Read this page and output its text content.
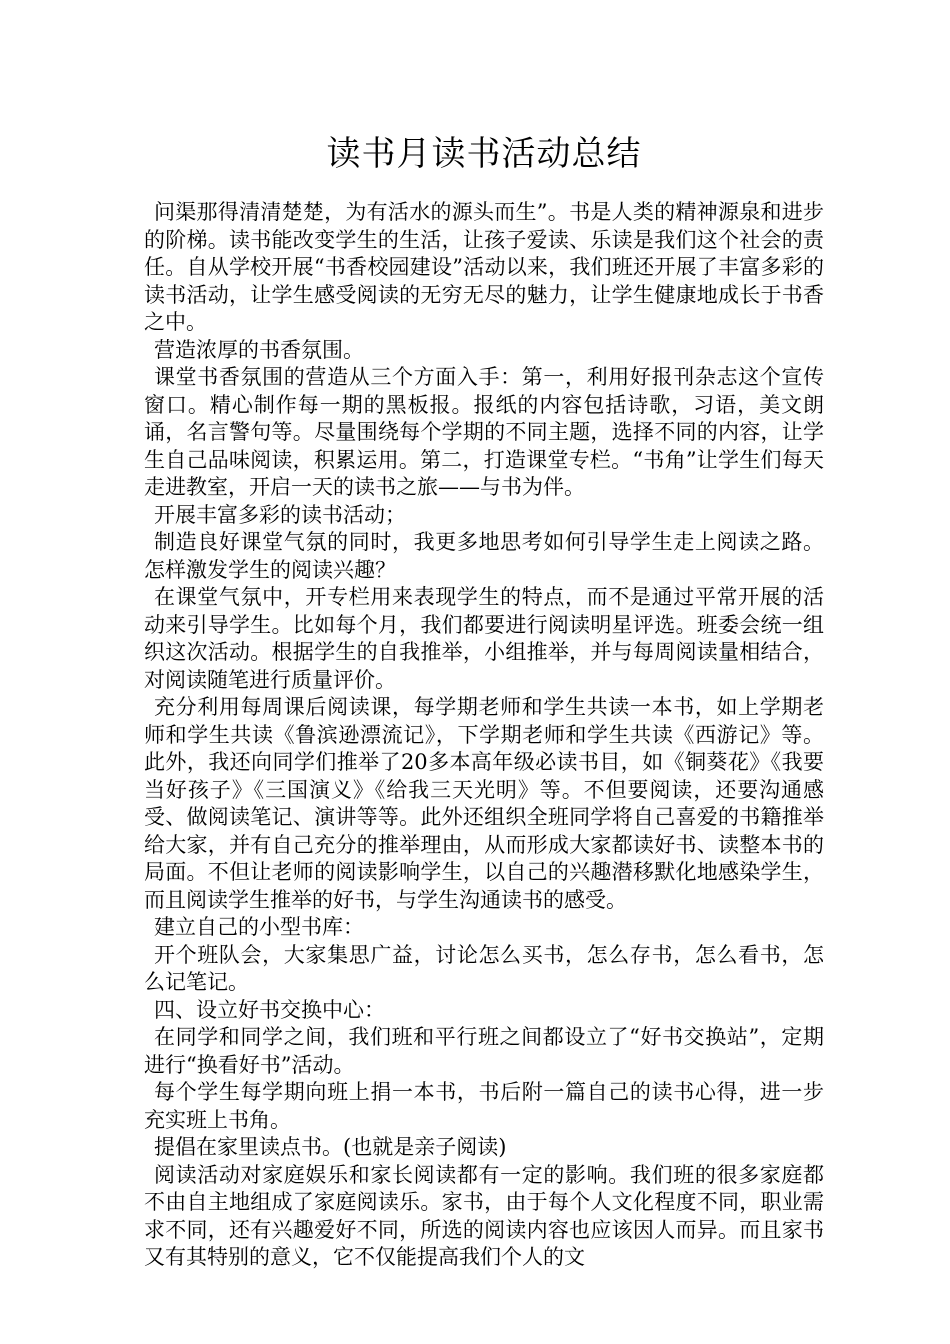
读书月读书活动总结

问渠那得清清楚楚，为有活水的源头而生”。书是人类的精神源泉和进步的阶梯。读书能改变学生的生活，让孩子爱读、乐读是我们这个社会的责任。自从学校开展“书香校园建设”活动以来，我们班还开展了丰富多彩的读书活动，让学生感受阅读的无穷无尽的魅力，让学生健康地成长于书香之中。

营造浓厚的书香氛围。

课堂书香氛围的营造从三个方面入手：第一，利用好报刊杂志这个宣传窗口。精心制作每一期的黑板报。报纸的内容包括诗歌，习语，美文朗诵，名言警句等。尽量围绕每个学期的不同主题，选择不同的内容，让学生自己品味阅读，积累运用。第二，打造课堂专栏。“书角”让学生们每天走进教室，开启一天的读书之旅——与书为伴。

开展丰富多彩的读书活动；

制造良好课堂气氛的同时，我更多地思考如何引导学生走上阅读之路。怎样激发学生的阅读兴趣？

在课堂气氛中，开专栏用来表现学生的特点，而不是通过平常开展的活动来引导学生。比如每个月，我们都要进行阅读明星评选。班委会统一组织这次活动。根据学生的自我推举，小组推举，并与每周阅读量相结合，对阅读随笔进行质量评价。

充分利用每周课后阅读课，每学期老师和学生共读一本书，如上学期老师和学生共读《鲁滨逊漂流记》，下学期老师和学生共读《西游记》等。此外，我还向同学们推举了20多本高年级必读书目，如《铜葵花》《我要当好孩子》《三国演义》《给我三天光明》等。不但要阅读，还要沟通感受、做阅读笔记、演讲等等。此外还组织全班同学将自己喜爱的书籍推举给大家，并有自己充分的推举理由，从而形成大家都读好书、读整本书的局面。不但让老师的阅读影响学生，以自己的兴趣潜移默化地感染学生，而且阅读学生推举的好书，与学生沟通读书的感受。

建立自己的小型书库：

开个班队会，大家集思广益，讨论怎么买书，怎么存书，怎么看书，怎么记笔记。

四、设立好书交换中心：

在同学和同学之间，我们班和平行班之间都设立了“好书交换站”，定期进行“换看好书”活动。

每个学生每学期向班上捐一本书，书后附一篇自己的读书心得，进一步充实班上书角。

提倡在家里读点书。(也就是亲子阅读)

阅读活动对家庭娱乐和家长阅读都有一定的影响。我们班的很多家庭都不由自主地组成了家庭阅读乐。家书，由于每个人文化程度不同，职业需求不同，还有兴趣爱好不同，所选的阅读内容也应该因人而异。而且家书又有其特别的意义，它不仅能提高我们个人的文
